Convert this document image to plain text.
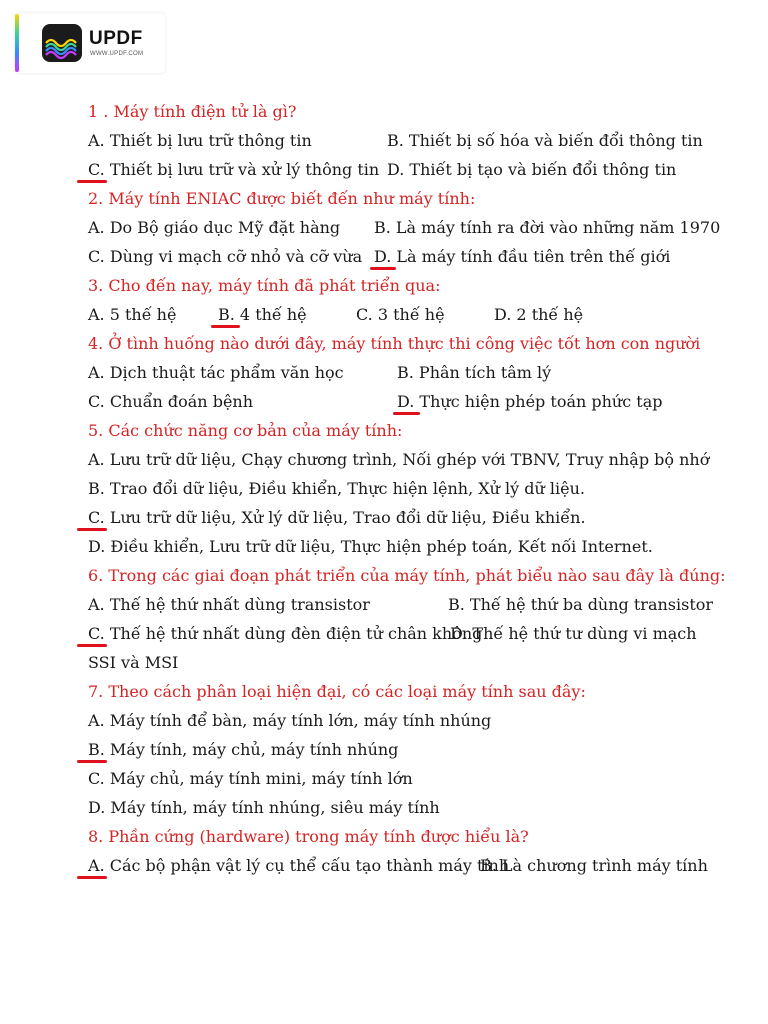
UPDF
WWW.UPDF.COM
1 . Máy tính điện tử là gì?
A. Thiết bị lưu trữ thông tin	B. Thiết bị số hóa và biến đổi thông tin
C. Thiết bị lưu trữ và xử lý thông tin D. Thiết bị tạo và biến đổi thông tin
2. Máy tính ENIAC được biết đến như máy tính:
A. Do Bộ giáo dục Mỹ đặt hàng B. Là máy tính ra đời vào những năm 1970
C. Dùng vi mạch cỡ nhỏ và cỡ vừa D. Là máy tính đầu tiên trên thế giới
3. Cho đến nay, máy tính đã phát triển qua:
A. 5 thế hệ	B. 4 thế hệ	C. 3 thế hệ	D. 2 thế hệ
4. Ở tình huống nào dưới đây, máy tính thực thi công việc tốt hơn con người
A. Dịch thuật tác phẩm văn học	B. Phân tích tâm lý
C. Chuẩn đoán bệnh	D. Thực hiện phép toán phức tạp
5. Các chức năng cơ bản của máy tính:
A. Lưu trữ dữ liệu, Chạy chương trình, Nối ghép với TBNV, Truy nhập bộ nhớ
B. Trao đổi dữ liệu, Điều khiển, Thực hiện lệnh, Xử lý dữ liệu.
C. Lưu trữ dữ liệu, Xử lý dữ liệu, Trao đổi dữ liệu, Điều khiển.
D. Điều khiển, Lưu trữ dữ liệu, Thực hiện phép toán, Kết nối Internet.
6. Trong các giai đoạn phát triển của máy tính, phát biểu nào sau đây là đúng:
A. Thế hệ thứ nhất dùng transistor	B. Thế hệ thứ ba dùng transistor
C. Thế hệ thứ nhất dùng đèn điện tử chân không
D. Thế hệ thứ tư dùng vi mạch
SSI và MSI
7. Theo cách phân loại hiện đại, có các loại máy tính sau đây:
A. Máy tính để bàn, máy tính lớn, máy tính nhúng
B. Máy tính, máy chủ, máy tính nhúng
C. Máy chủ, máy tính mini, máy tính lớn
D. Máy tính, máy tính nhúng, siêu máy tính
8. Phần cứng (hardware) trong máy tính được hiểu là?
A. Các bộ phận vật lý cụ thể cấu tạo thành máy tính
B. Là chương trình máy tính
